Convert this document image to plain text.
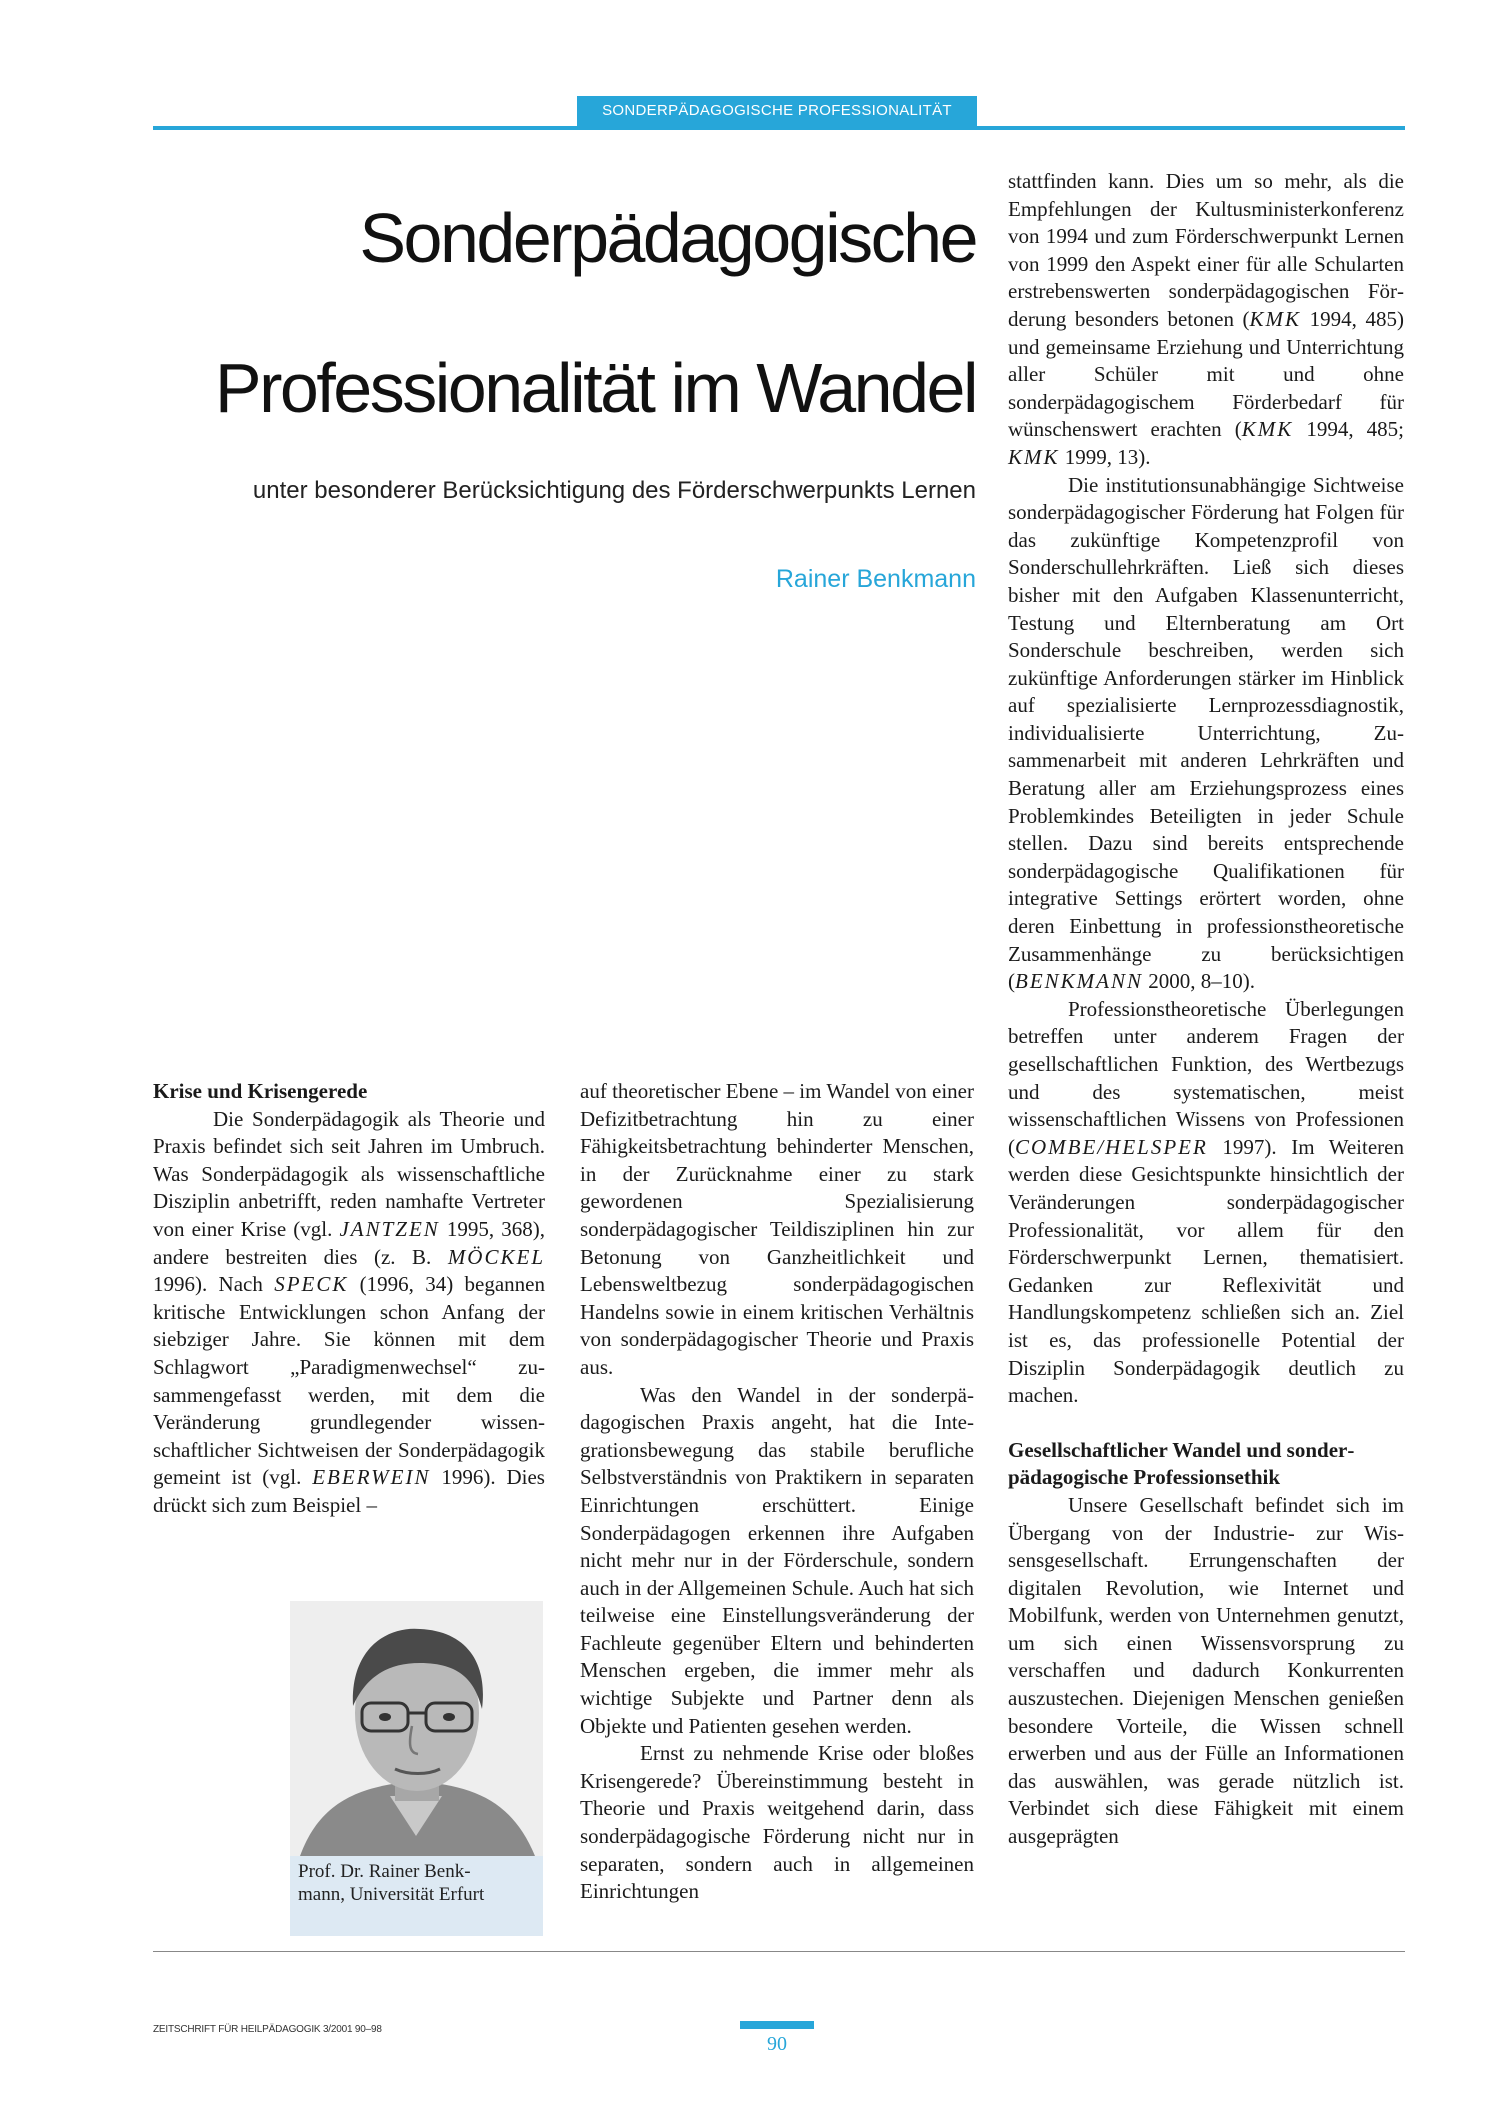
SONDERPÄDAGOGISCHE PROFESSIONALITÄT
Sonderpädagogische
Professionalität im Wandel
unter besonderer Berücksichtigung des Förderschwerpunkts Lernen
Rainer Benkmann
Krise und Krisengerede

Die Sonderpädagogik als Theorie und Praxis befindet sich seit Jahren im Umbruch. Was Sonderpädagogik als wissenschaftliche Disziplin anbetrifft, reden namhafte Vertreter von einer Krise (vgl. JANTZEN 1995, 368), andere bestreiten dies (z. B. MÖCKEL 1996). Nach SPECK (1996, 34) begannen kritische Entwicklungen schon Anfang der siebziger Jahre. Sie können mit dem Schlagwort „Paradigmenwechsel“ zusammengefasst werden, mit dem die Veränderung grundlegender wissenschaftlicher Sichtweisen der Sonderpädagogik gemeint ist (vgl. EBERWEIN 1996). Dies drückt sich zum Beispiel –

Prof. Dr. Rainer Benk-
mann, Universität Erfurt

auf theoretischer Ebene – im Wandel von einer Defizitbetrachtung hin zu einer Fähigkeitsbetrachtung behinderter Menschen, in der Zurücknahme einer zu stark gewordenen Spezialisierung sonderpädagogischer Teildisziplinen hin zur Betonung von Ganzheitlichkeit und Lebensweltbezug sonderpädagogischen Handelns sowie in einem kritischen Verhältnis von sonderpädagogischer Theorie und Praxis aus.

Was den Wandel in der sonderpädagogischen Praxis angeht, hat die Integrationsbewegung das stabile berufliche Selbstverständnis von Praktikern in separaten Einrichtungen erschüttert. Einige Sonderpädagogen erkennen ihre Aufgaben nicht mehr nur in der Förderschule, sondern auch in der Allgemeinen Schule. Auch hat sich teilweise eine Einstellungsveränderung der Fachleute gegenüber Eltern und behinderten Menschen ergeben, die immer mehr als wichtige Subjekte und Partner denn als Objekte und Patienten gesehen werden.

Ernst zu nehmende Krise oder bloßes Krisengerede? Übereinstimmung besteht in Theorie und Praxis weitgehend darin, dass sonderpädagogische Förderung nicht nur in separaten, sondern auch in allgemeinen Einrichtungen

stattfinden kann. Dies um so mehr, als die Empfehlungen der Kultusministerkonferenz von 1994 und zum Förderschwerpunkt Lernen von 1999 den Aspekt einer für alle Schularten erstrebenswerten sonderpädagogischen Förderung besonders betonen (KMK 1994, 485) und gemeinsame Erziehung und Unterrichtung aller Schüler mit und ohne sonderpädagogischem Förderbedarf für wünschenswert erachten (KMK 1994, 485; KMK 1999, 13).

Die institutionsunabhängige Sichtweise sonderpädagogischer Förderung hat Folgen für das zukünftige Kompetenzprofil von Sonderschullehrkräften. Ließ sich dieses bisher mit den Aufgaben Klassenunterricht, Testung und Elternberatung am Ort Sonderschule beschreiben, werden sich zukünftige Anforderungen stärker im Hinblick auf spezialisierte Lernprozessdiagnostik, individualisierte Unterrichtung, Zusammenarbeit mit anderen Lehrkräften und Beratung aller am Erziehungsprozess eines Problemkindes Beteiligten in jeder Schule stellen. Dazu sind bereits entsprechende sonderpädagogische Qualifikationen für integrative Settings erörtert worden, ohne deren Einbettung in professionstheoretische Zusammenhänge zu berücksichtigen (BENKMANN 2000, 8–10).

Professionstheoretische Überlegungen betreffen unter anderem Fragen der gesellschaftlichen Funktion, des Wertbezugs und des systematischen, meist wissenschaftlichen Wissens von Professionen (COMBE/HELSPER 1997). Im Weiteren werden diese Gesichtspunkte hinsichtlich der Veränderungen sonderpädagogischer Professionalität, vor allem für den Förderschwerpunkt Lernen, thematisiert. Gedanken zur Reflexivität und Handlungskompetenz schließen sich an. Ziel ist es, das professionelle Potential der Disziplin Sonderpädagogik deutlich zu machen.

Gesellschaftlicher Wandel und sonderpädagogische Professionsethik

Unsere Gesellschaft befindet sich im Übergang von der Industrie- zur Wissensgesellschaft. Errungenschaften der digitalen Revolution, wie Internet und Mobilfunk, werden von Unternehmen genutzt, um sich einen Wissensvorsprung zu verschaffen und dadurch Konkurrenten auszustechen. Diejenigen Menschen genießen besondere Vorteile, die Wissen schnell erwerben und aus der Fülle an Informationen das auswählen, was gerade nützlich ist. Verbindet sich diese Fähigkeit mit einem ausgeprägten

ZEITSCHRIFT FÜR HEILPÄDAGOGIK 3/2001 90–98
90
